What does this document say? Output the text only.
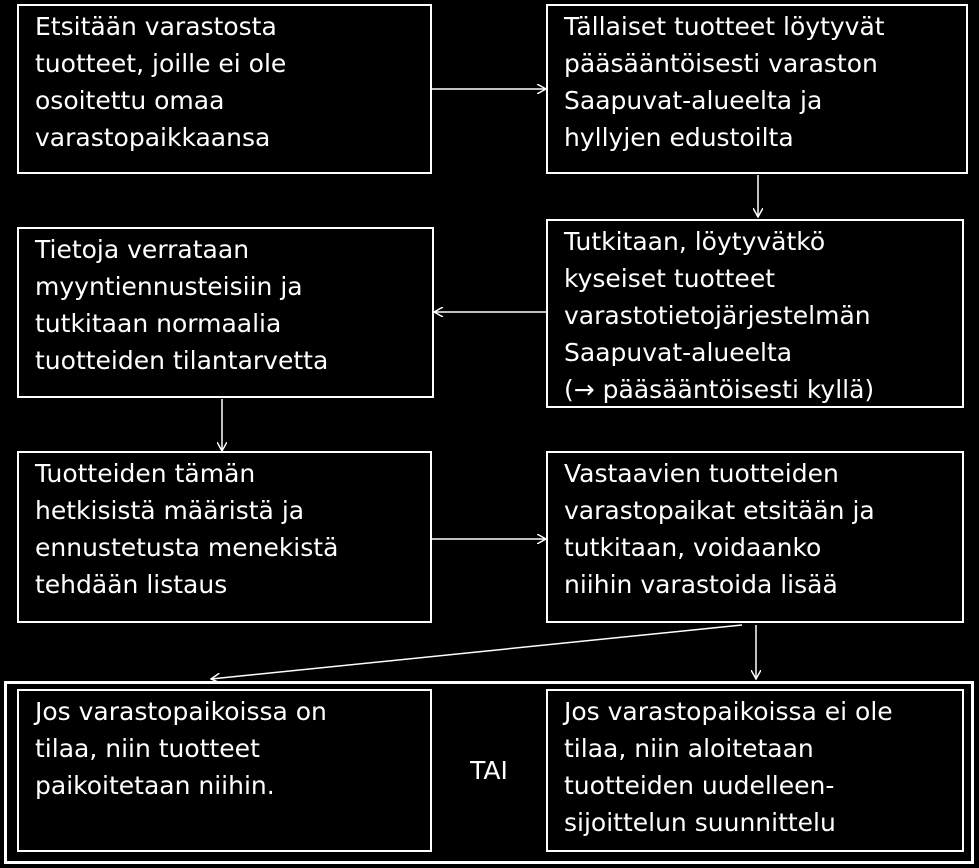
Etsitään varastosta
tuotteet, joille ei ole
osoitettu omaa
varastopaikkaansa
Tällaiset tuotteet löytyvät
pääsääntöisesti varaston
Saapuvat-alueelta ja
hyllyjen edustoilta
Tietoja verrataan
myyntiennusteisiin ja
tutkitaan normaalia
tuotteiden tilantarvetta
Tutkitaan, löytyvätkö
kyseiset tuotteet
varastotietojärjestelmän
Saapuvat-alueelta
(→ pääsääntöisesti kyllä)
Tuotteiden tämän
hetkisistä määristä ja
ennustetusta menekistä
tehdään listaus
Vastaavien tuotteiden
varastopaikat etsitään ja
tutkitaan, voidaanko
niihin varastoida lisää
Jos varastopaikoissa on
tilaa, niin tuotteet
paikoitetaan niihin.
TAI
Jos varastopaikoissa ei ole
tilaa, niin aloitetaan
tuotteiden uudelleen-
sijoittelun suunnittelu
